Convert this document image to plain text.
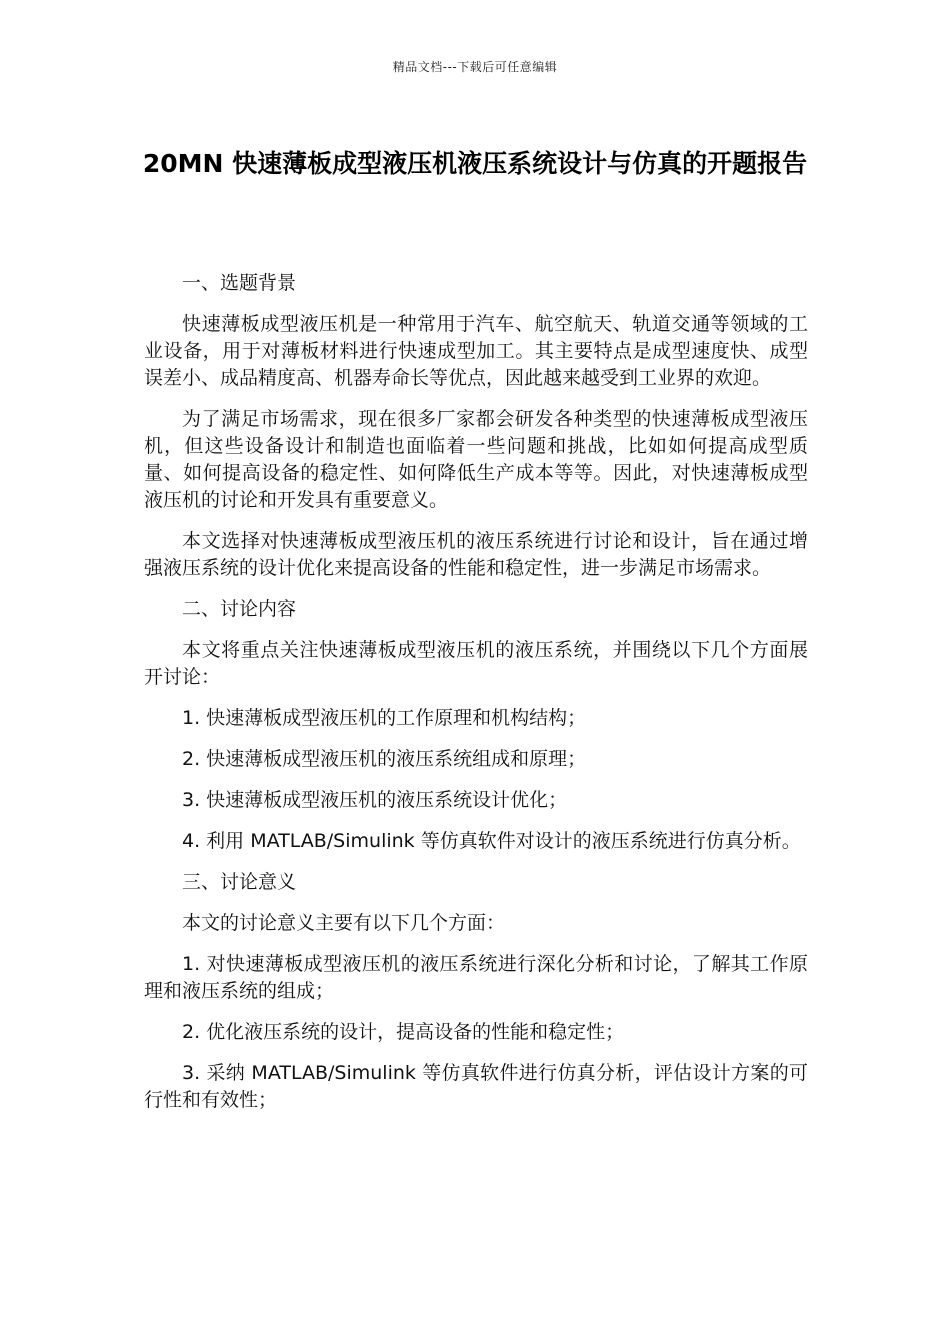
精品文档---下载后可任意编辑
20MN 快速薄板成型液压机液压系统设计与仿真的开题报告

一、选题背景

快速薄板成型液压机是一种常用于汽车、航空航天、轨道交通等领域的工业设备，用于对薄板材料进行快速成型加工。其主要特点是成型速度快、成型误差小、成品精度高、机器寿命长等优点，因此越来越受到工业界的欢迎。

为了满足市场需求，现在很多厂家都会研发各种类型的快速薄板成型液压机，但这些设备设计和制造也面临着一些问题和挑战，比如如何提高成型质量、如何提高设备的稳定性、如何降低生产成本等等。因此，对快速薄板成型液压机的讨论和开发具有重要意义。

本文选择对快速薄板成型液压机的液压系统进行讨论和设计，旨在通过增强液压系统的设计优化来提高设备的性能和稳定性，进一步满足市场需求。

二、讨论内容

本文将重点关注快速薄板成型液压机的液压系统，并围绕以下几个方面展开讨论：

1. 快速薄板成型液压机的工作原理和机构结构；

2. 快速薄板成型液压机的液压系统组成和原理；

3. 快速薄板成型液压机的液压系统设计优化；

4. 利用 MATLAB/Simulink 等仿真软件对设计的液压系统进行仿真分析。

三、讨论意义

本文的讨论意义主要有以下几个方面：

1. 对快速薄板成型液压机的液压系统进行深化分析和讨论，了解其工作原理和液压系统的组成；

2. 优化液压系统的设计，提高设备的性能和稳定性；

3. 采纳 MATLAB/Simulink 等仿真软件进行仿真分析，评估设计方案的可行性和有效性；
